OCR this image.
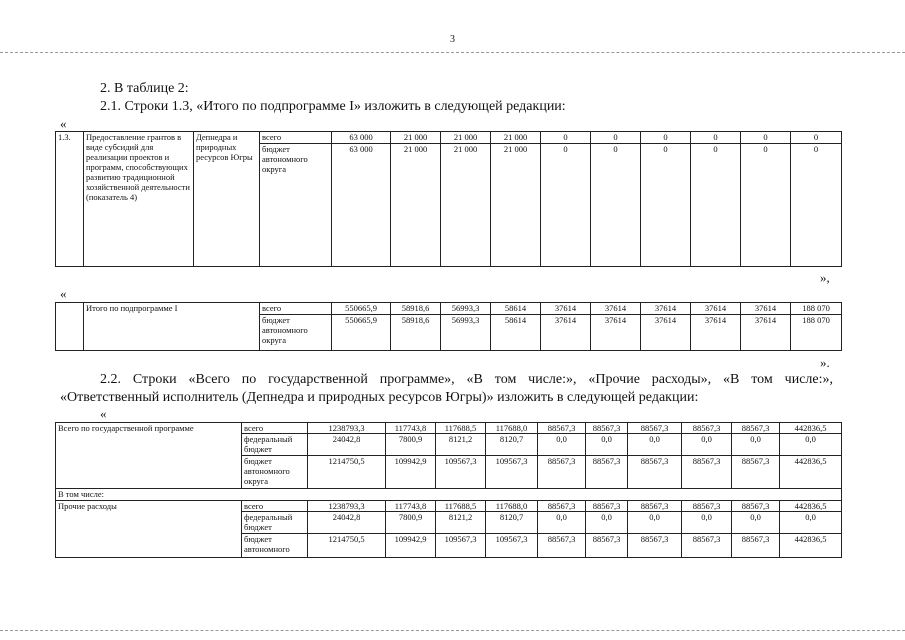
3
2. В таблице 2:
2.1. Строки 1.3, «Итого по подпрограмме I» изложить в следующей редакции:
«
1.3.	Предоставление грантов в виде субсидий для реализации проектов и программ, способствующих развитию традиционной хозяйственной деятельности (показатель 4)	Депнедра и природных ресурсов Югры	всего	63 000	21 000	21 000	21 000	0	0	0	0	0	0
			бюджет автономного округа	63 000	21 000	21 000	21 000	0	0	0	0	0	0
»,
«
	Итого по подпрограмме I	всего	550665,9	58918,6	56993,3	58614	37614	37614	37614	37614	37614	188 070
		бюджет автономного округа	550665,9	58918,6	56993,3	58614	37614	37614	37614	37614	37614	188 070
».
2.2. Строки «Всего по государственной программе», «В том числе:», «Прочие расходы», «В том числе:»,
«Ответственный исполнитель (Депнедра и природных ресурсов Югры)» изложить в следующей редакции:
«
Всего по государственной программе	всего	1238793,3	117743,8	117688,5	117688,0	88567,3	88567,3	88567,3	88567,3	88567,3	442836,5
	федеральный бюджет	24042,8	7800,9	8121,2	8120,7	0,0	0,0	0,0	0,0	0,0	0,0
	бюджет автономного округа	1214750,5	109942,9	109567,3	109567,3	88567,3	88567,3	88567,3	88567,3	88567,3	442836,5
В том числе:											
Прочие расходы	всего	1238793,3	117743,8	117688,5	117688,0	88567,3	88567,3	88567,3	88567,3	88567,3	442836,5
	федеральный бюджет	24042,8	7800,9	8121,2	8120,7	0,0	0,0	0,0	0,0	0,0	0,0
	бюджет автономного	1214750,5	109942,9	109567,3	109567,3	88567,3	88567,3	88567,3	88567,3	88567,3	442836,5
